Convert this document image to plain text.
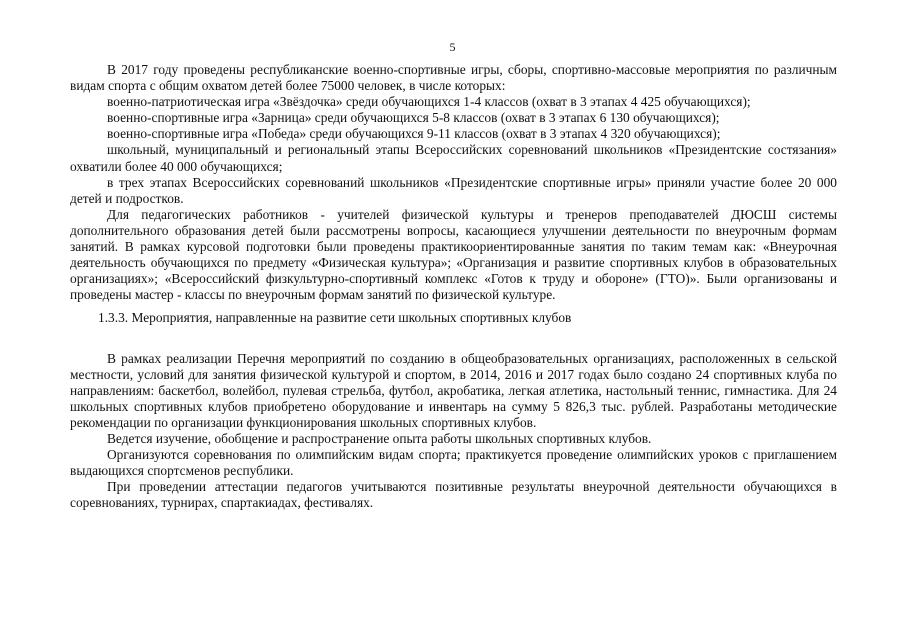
5

В 2017 году проведены республиканские военно-спортивные игры, сборы, спортивно-массовые мероприятия по различным видам спорта с общим охватом детей более 75000 человек, в числе которых:

военно-патриотическая игра «Звёздочка» среди обучающихся 1-4 классов (охват в 3 этапах 4 425 обучающихся);

военно-спортивные игра «Зарница» среди обучающихся 5-8 классов (охват в 3 этапах 6 130 обучающихся);

военно-спортивные игра «Победа» среди обучающихся 9-11 классов (охват в 3 этапах 4 320 обучающихся);

школьный, муниципальный и региональный этапы Всероссийских соревнований школьников «Президентские состязания» охватили более 40 000 обучающихся;

в трех этапах Всероссийских соревнований школьников «Президентские спортивные игры» приняли участие более 20 000 детей и подростков.

Для педагогических работников - учителей физической культуры и тренеров преподавателей ДЮСШ системы дополнительного образования детей были рассмотрены вопросы, касающиеся улучшении деятельности по внеурочным формам занятий. В рамках курсовой подготовки были проведены практикоориентированные занятия по таким темам как: «Внеурочная деятельность обучающихся по предмету «Физическая культура»; «Организация и развитие спортивных клубов в образовательных организациях»; «Всероссийский физкультурно-спортивный комплекс «Готов к труду и обороне» (ГТО)». Были организованы и проведены мастер - классы по внеурочным формам занятий по физической культуре.

1.3.3. Мероприятия, направленные на развитие сети школьных спортивных клубов

В рамках реализации Перечня мероприятий по созданию в общеобразовательных организациях, расположенных в сельской местности, условий для занятия физической культурой и спортом, в 2014, 2016 и 2017 годах было создано 24 спортивных клуба по направлениям: баскетбол, волейбол, пулевая стрельба, футбол, акробатика, легкая атлетика, настольный теннис, гимнастика. Для 24 школьных спортивных клубов приобретено оборудование и инвентарь на сумму 5 826,3 тыс. рублей. Разработаны методические рекомендации по организации функционирования школьных спортивных клубов.

Ведется изучение, обобщение и распространение опыта работы школьных спортивных клубов.

Организуются соревнования по олимпийским видам спорта; практикуется проведение олимпийских уроков с приглашением выдающихся спортсменов республики.

При проведении аттестации педагогов учитываются позитивные результаты внеурочной деятельности обучающихся в соревнованиях, турнирах, спартакиадах, фестивалях.
